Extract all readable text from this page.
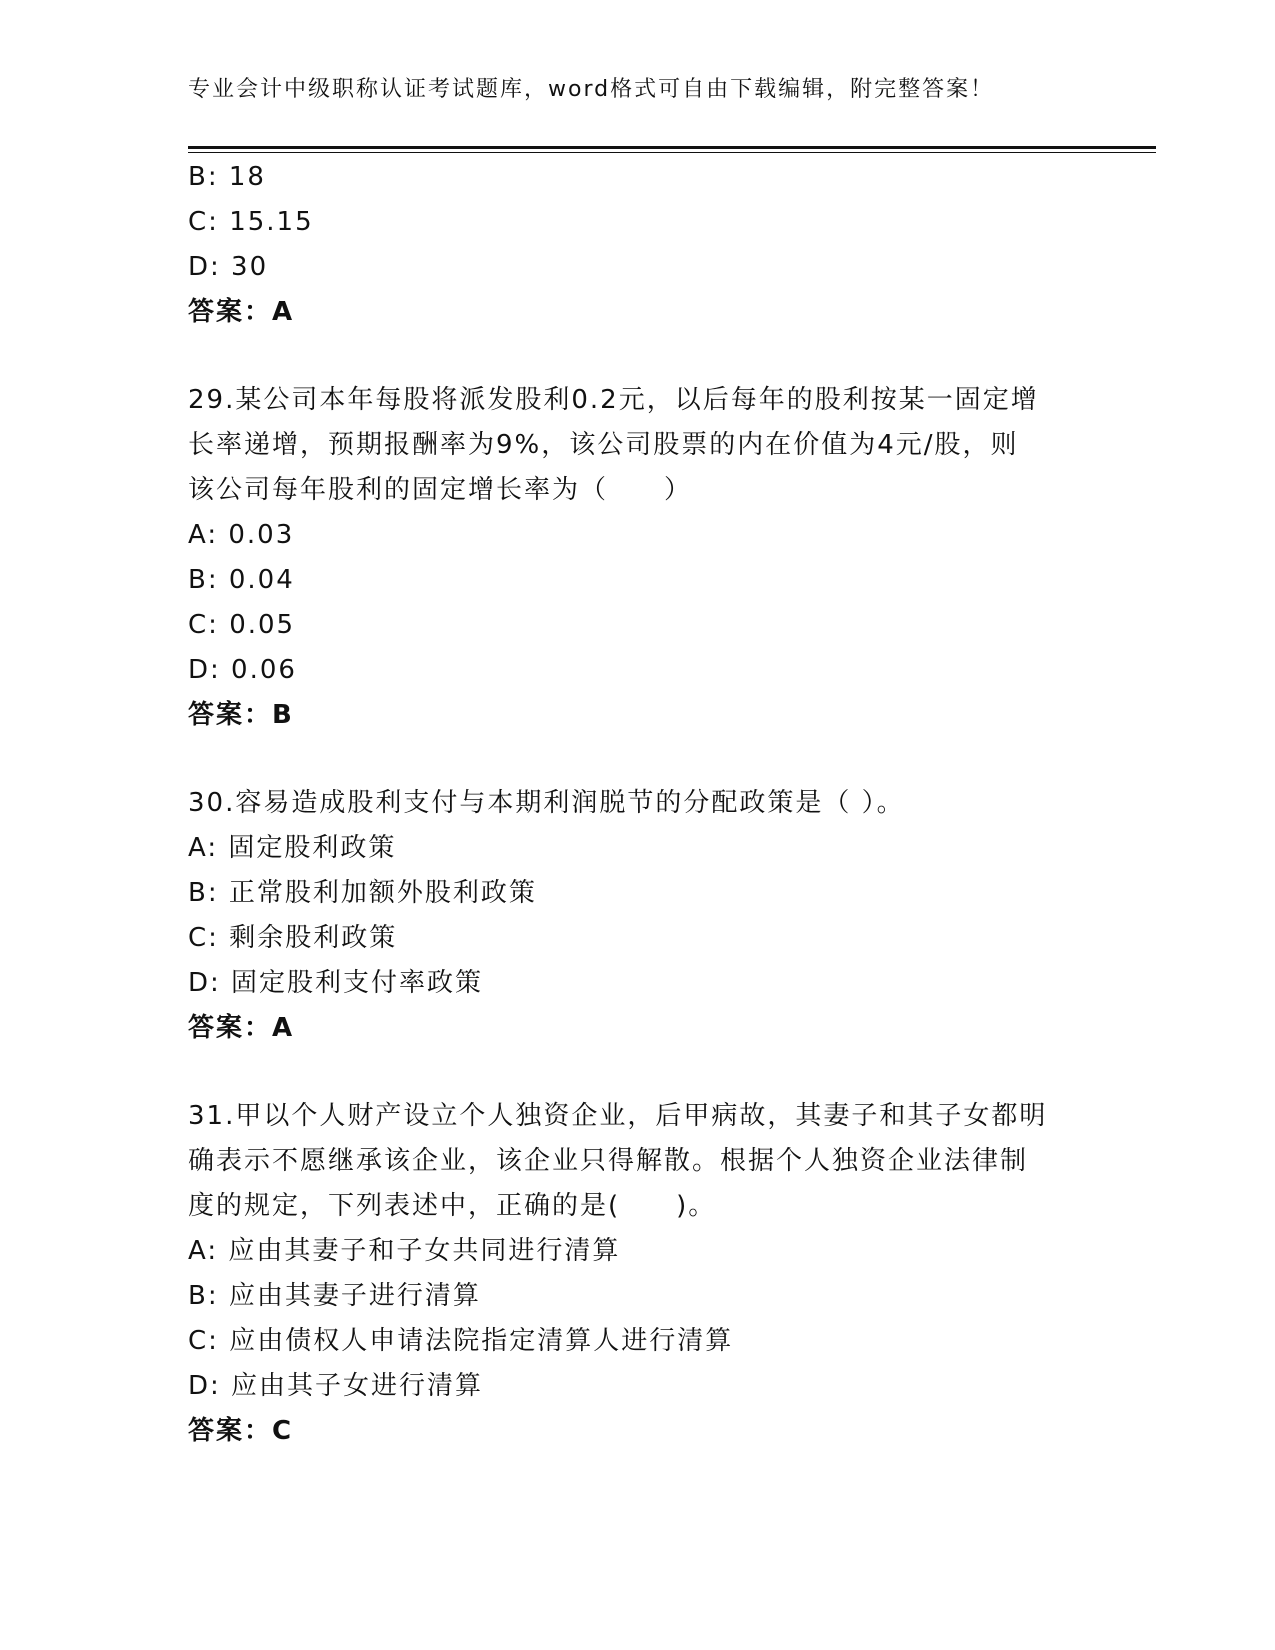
专业会计中级职称认证考试题库，word格式可自由下载编辑，附完整答案！
B: 18
C: 15.15
D: 30
答案：A
29.某公司本年每股将派发股利0.2元，以后每年的股利按某一固定增
长率递增，预期报酬率为9%，该公司股票的内在价值为4元/股，则
该公司每年股利的固定增长率为（　　）
A: 0.03
B: 0.04
C: 0.05
D: 0.06
答案：B
30.容易造成股利支付与本期利润脱节的分配政策是（ ）。
A: 固定股利政策
B: 正常股利加额外股利政策
C: 剩余股利政策
D: 固定股利支付率政策
答案：A
31.甲以个人财产设立个人独资企业，后甲病故，其妻子和其子女都明
确表示不愿继承该企业，该企业只得解散。根据个人独资企业法律制
度的规定，下列表述中，正确的是(　　)。
A: 应由其妻子和子女共同进行清算
B: 应由其妻子进行清算
C: 应由债权人申请法院指定清算人进行清算
D: 应由其子女进行清算
答案：C
